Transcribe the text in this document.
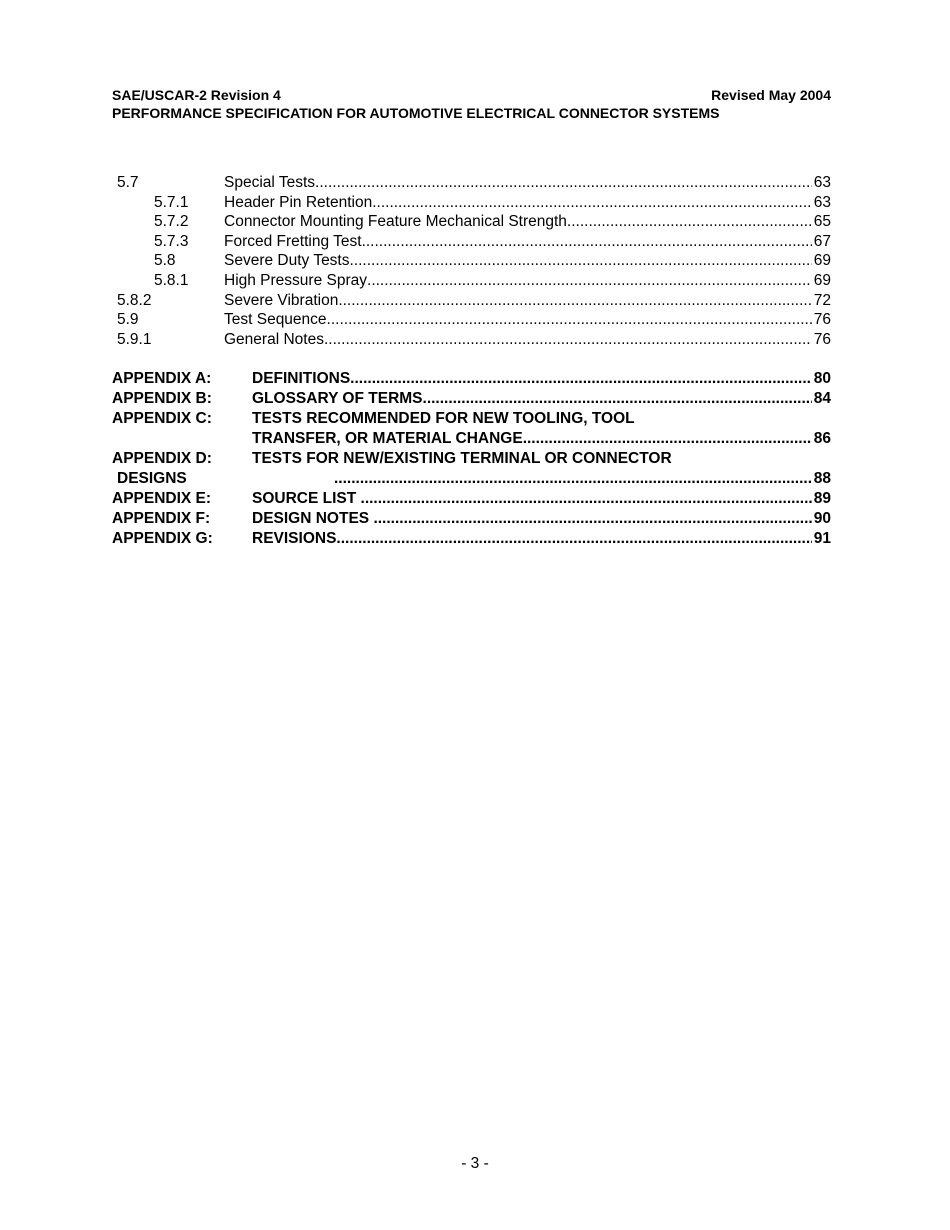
SAE/USCAR-2 Revision 4	Revised May 2004
PERFORMANCE SPECIFICATION FOR AUTOMOTIVE ELECTRICAL CONNECTOR SYSTEMS
5.7	Special Tests .....	63
5.7.1	Header Pin Retention .....	63
5.7.2	Connector Mounting Feature Mechanical Strength .....	65
5.7.3	Forced Fretting Test .....	67
5.8	Severe Duty Tests .....	69
5.8.1	High Pressure Spray .....	69
5.8.2	Severe Vibration .....	72
5.9	Test Sequence .....	76
5.9.1	General Notes .....	76
APPENDIX A:	DEFINITIONS .....	80
APPENDIX B:	GLOSSARY OF TERMS .....	84
APPENDIX C:	TESTS RECOMMENDED FOR NEW TOOLING, TOOL
TRANSFER, OR MATERIAL CHANGE .....	86
APPENDIX D:	TESTS FOR NEW/EXISTING TERMINAL OR CONNECTOR
DESIGNS .....	88
APPENDIX E:	SOURCE LIST .....	89
APPENDIX F:	DESIGN NOTES .....	90
APPENDIX G:	REVISIONS .....	91
- 3 -
